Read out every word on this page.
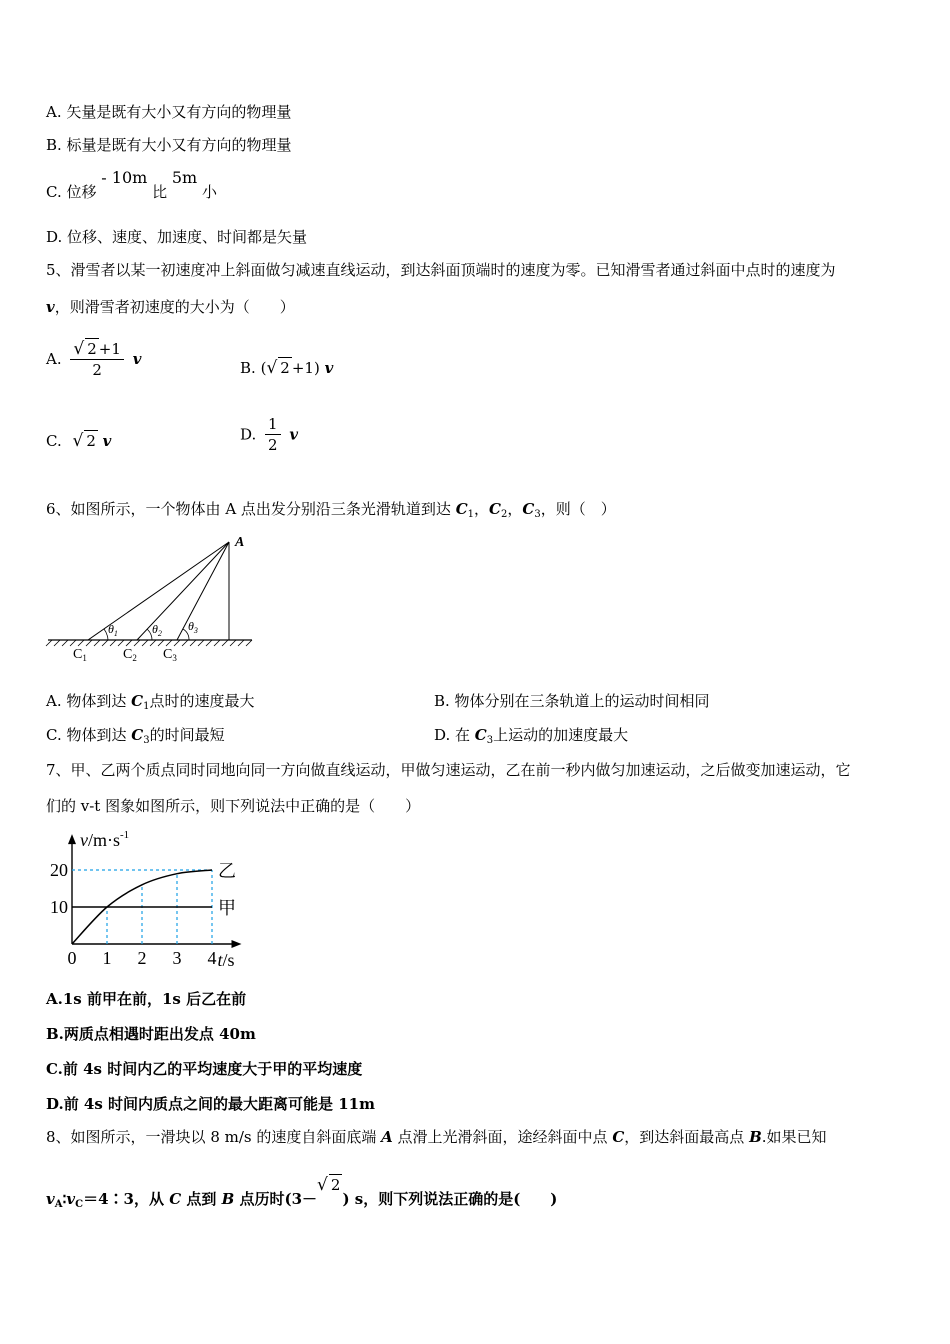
A. 矢量是既有大小又有方向的物理量
B. 标量是既有大小又有方向的物理量
C. 位移 - 10m 比 5m 小
D. 位移、速度、加速度、时间都是矢量
5、滑雪者以某一初速度冲上斜面做匀减速直线运动，到达斜面顶端时的速度为零。已知滑雪者通过斜面中点时的速度为
v，则滑雪者初速度的大小为（　　）
A. $\frac{√ 2 +1}{2}$ v	B. (√ 2 +1) v
C. √ 2 v	D. $\frac{1}{2}$ v
6、如图所示，一个物体由 A 点出发分别沿三条光滑轨道到达 $C_1$，$C_2$，$C_3$，则（　）
A
$\theta_1$	$\theta_2$
$\theta_3$
$C_1$	$C_2$ $C_3$
A. 物体到达 $C_1$点时的速度最大	B. 物体分别在三条轨道上的运动时间相同
C. 物体到达 $C_3$的时间最短	D. 在 $C_3$上运动的加速度最大
7、甲、乙两个质点同时同地向同一方向做直线运动，甲做匀速运动，乙在前一秒内做匀加速运动，之后做变加速运动，它
们的 v-t 图象如图所示，则下列说法中正确的是（　　）
乙
甲
0 1 2 3 4
10
20
t/s
$v/m\cdot s^{-1}$
A.1s 前甲在前，1s 后乙在前
B.两质点相遇时距出发点 40m
C.前 4s 时间内乙的平均速度大于甲的平均速度
D.前 4s 时间内质点之间的最大距离可能是 11m
8、如图所示，一滑块以 8 m/s 的速度自斜面底端 A 点滑上光滑斜面，途经斜面中点 C，到达斜面最高点 B.如果已知
$v_A∶v_C=4∶3$，从 C 点到 B 点历时(3－√ 2) s，则下列说法正确的是(　　)
